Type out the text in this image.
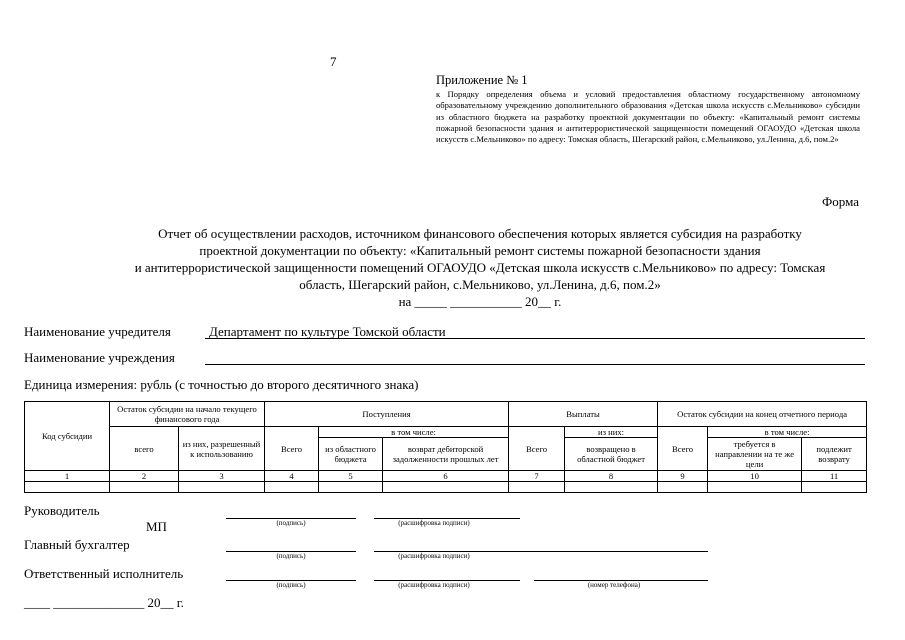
7
Приложение № 1
к Порядку определения объема и условий предоставления областному государственному автономному образовательному учреждению дополнительного образования «Детская школа искусств с.Мельниково» субсидии из областного бюджета на разработку проектной документации по объекту: «Капитальный ремонт системы пожарной безопасности здания и антитеррористической защищенности помещений ОГАОУДО «Детская школа искусств с.Мельниково» по адресу: Томская область, Шегарский район, с.Мельниково, ул.Ленина, д.6, пом.2»
Форма
Отчет об осуществлении расходов, источником финансового обеспечения которых является субсидия на разработку
проектной документации по объекту: «Капитальный ремонт системы пожарной безопасности здания
и антитеррористической защищенности помещений ОГАОУДО «Детская школа искусств с.Мельниково» по адресу: Томская
область, Шегарский район, с.Мельниково, ул.Ленина, д.6, пом.2»
на _____ ___________ 20__ г.
Наименование учредителя	Департамент по культуре Томской области
Наименование учреждения
Единица измерения: рубль (с точностью до второго десятичного знака)
Код субсидии	Остаток субсидии на начало текущего финансового года		Поступления			Выплаты		Остаток субсидии на конец отчетного периода		
	всего	из них, разрешенный к использованию	Всего	в том числе:		Всего	из них:	Всего	в том числе:	
				из областного бюджета	возврат дебиторской задолженности прошлых лет		возвращено в областной бюджет		требуется в направлении на те же цели	подлежит возврату
1	2	3	4	5	6	7	8	9	10	11

Руководитель
МП	(подпись)	(расшифровка подписи)
Главный бухгалтер
(подпись)	(расшифровка подписи)
Ответственный исполнитель
(подпись)	(расшифровка подписи)	(номер телефона)
____ ______________ 20__ г.
